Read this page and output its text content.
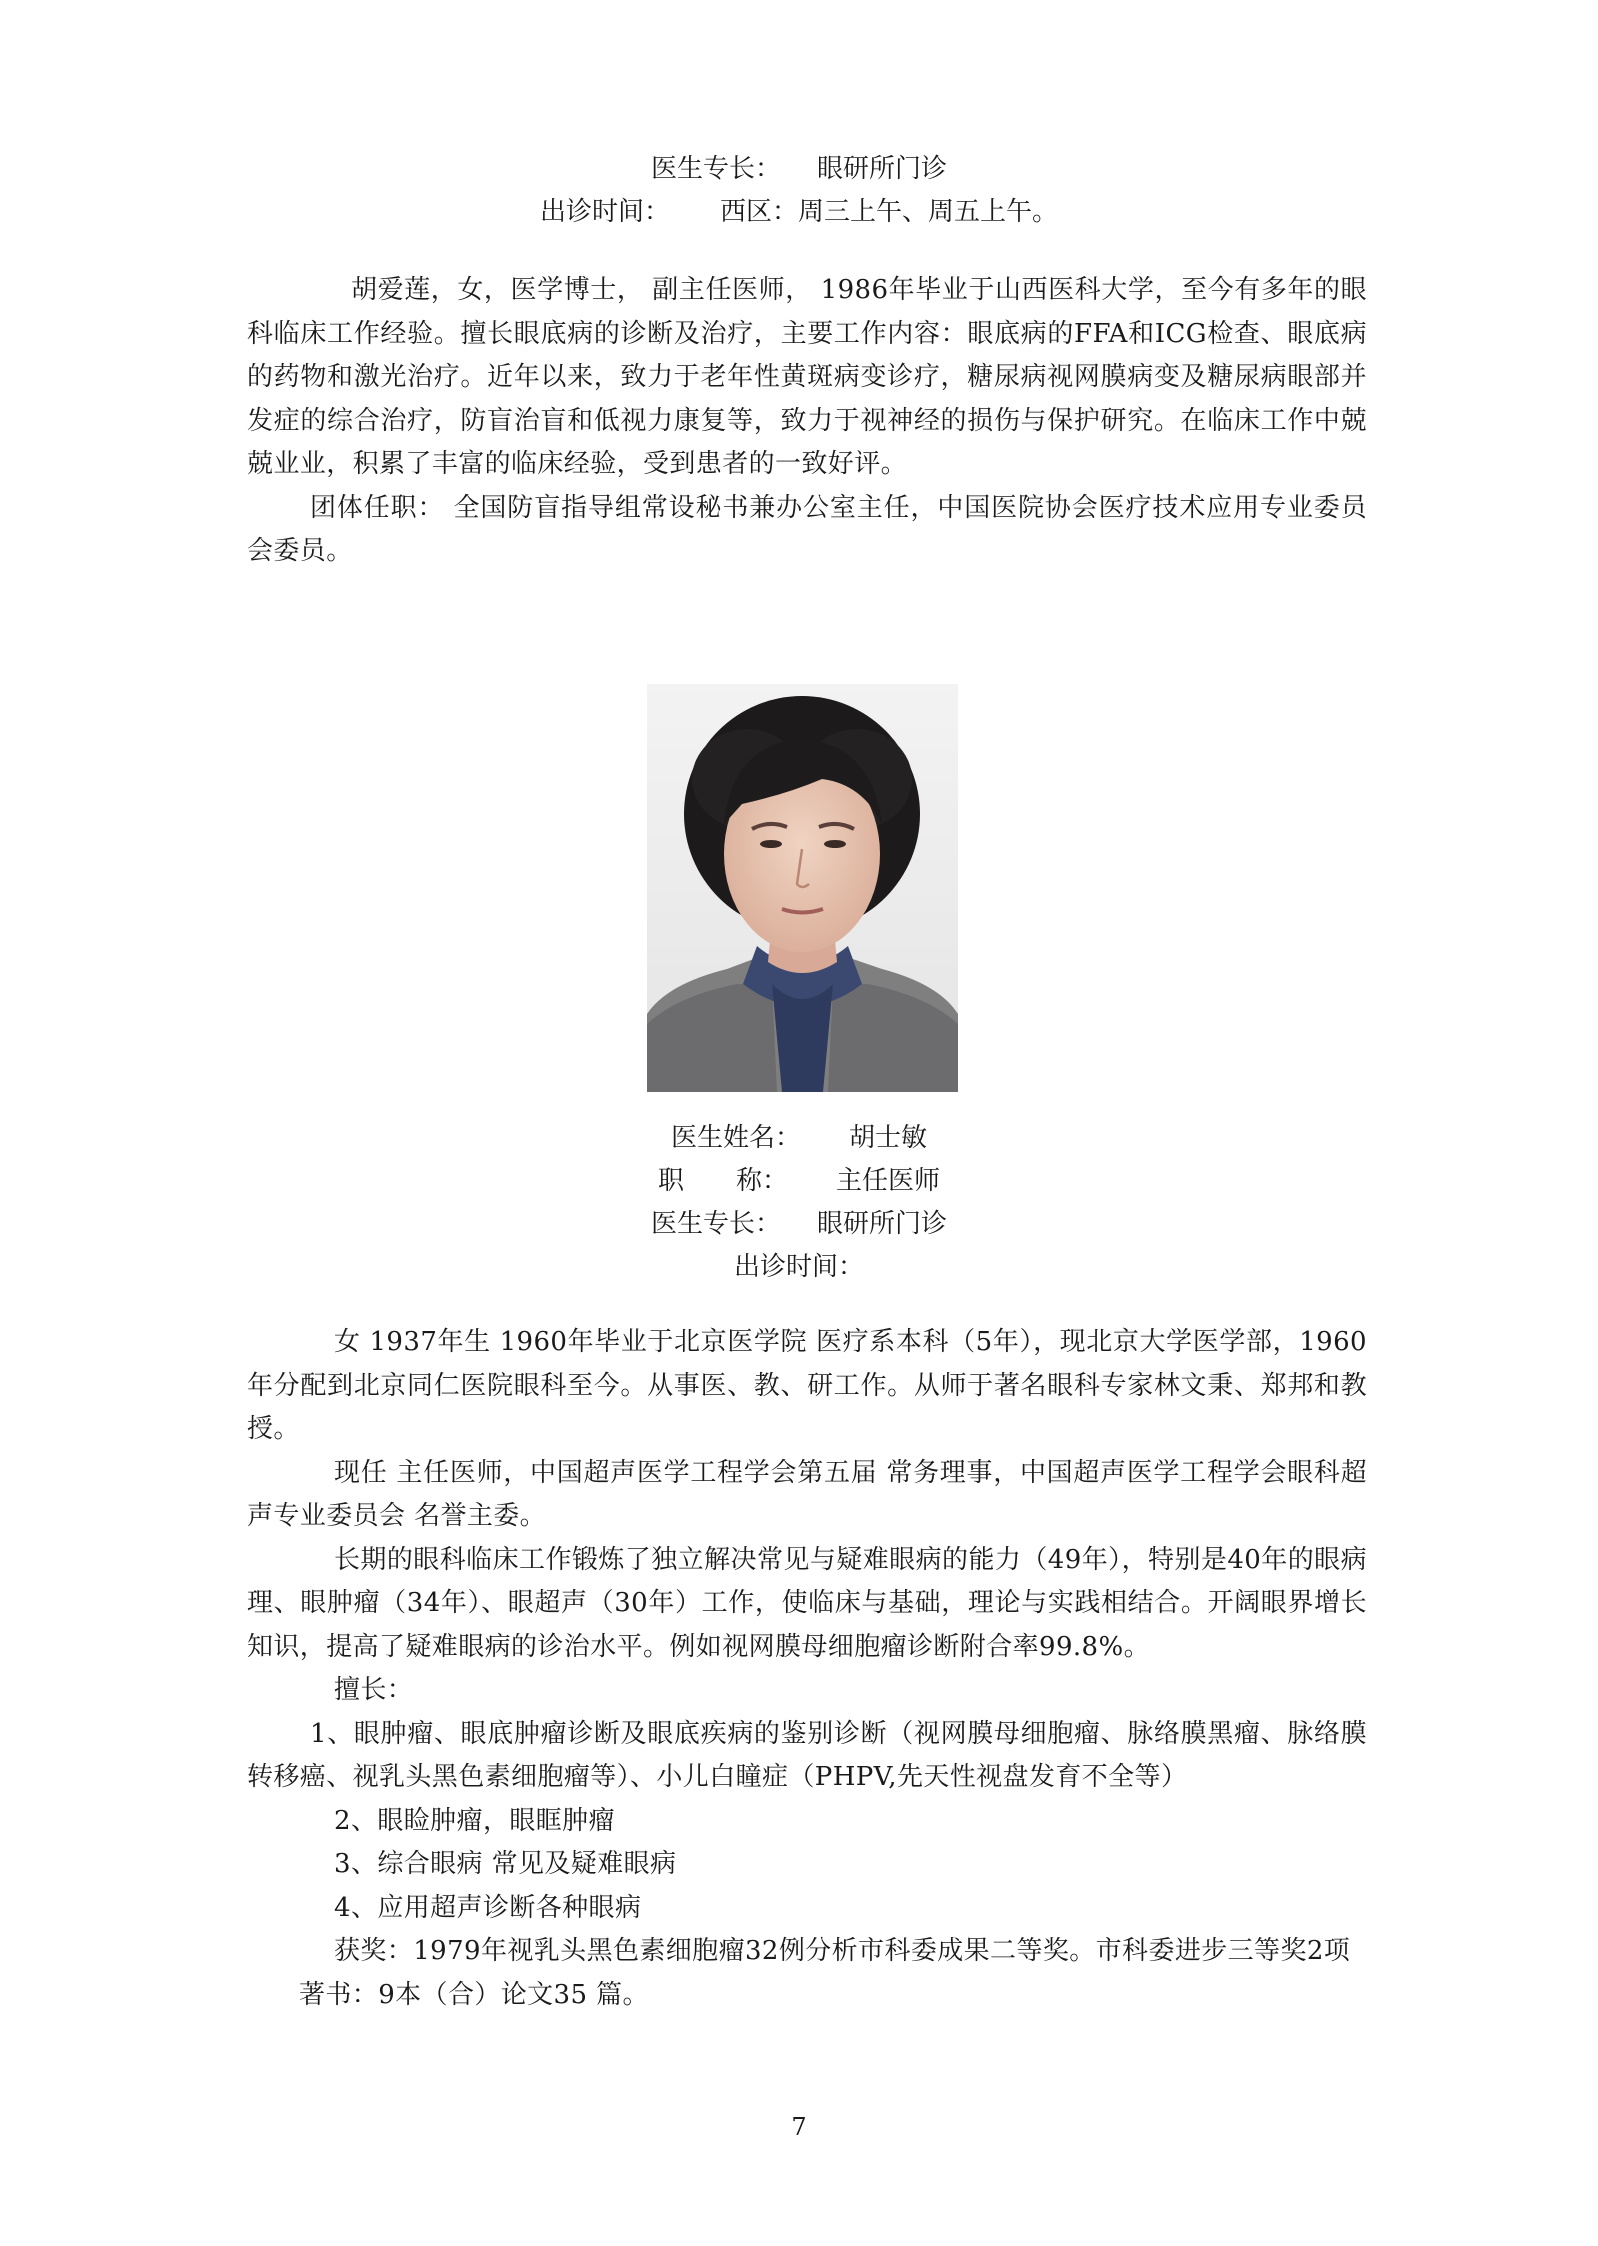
医生专长： 眼研所门诊
出诊时间： 西区：周三上午、周五上午。

胡爱莲，女，医学博士， 副主任医师， 1986年毕业于山西医科大学，至今有多年的眼科临床工作经验。擅长眼底病的诊断及治疗，主要工作内容：眼底病的FFA和ICG检查、眼底病的药物和激光治疗。近年以来，致力于老年性黄斑病变诊疗，糖尿病视网膜病变及糖尿病眼部并发症的综合治疗，防盲治盲和低视力康复等，致力于视神经的损伤与保护研究。在临床工作中兢兢业业，积累了丰富的临床经验，受到患者的一致好评。

团体任职： 全国防盲指导组常设秘书兼办公室主任，中国医院协会医疗技术应用专业委员会委员。

医生姓名： 胡士敏
职　　称： 主任医师
医生专长： 眼研所门诊
出诊时间：

女 1937年生 1960年毕业于北京医学院 医疗系本科（5年），现北京大学医学部，1960年分配到北京同仁医院眼科至今。从事医、教、研工作。从师于著名眼科专家林文秉、郑邦和教授。

现任 主任医师，中国超声医学工程学会第五届 常务理事，中国超声医学工程学会眼科超声专业委员会 名誉主委。

长期的眼科临床工作锻炼了独立解决常见与疑难眼病的能力（49年），特别是40年的眼病理、眼肿瘤（34年）、眼超声（30年）工作，使临床与基础，理论与实践相结合。开阔眼界增长知识，提高了疑难眼病的诊治水平。例如视网膜母细胞瘤诊断附合率99.8%。

擅长：

1、眼肿瘤、眼底肿瘤诊断及眼底疾病的鉴别诊断（视网膜母细胞瘤、脉络膜黑瘤、脉络膜转移癌、视乳头黑色素细胞瘤等）、小儿白瞳症（PHPV,先天性视盘发育不全等）

2、眼睑肿瘤，眼眶肿瘤

3、综合眼病 常见及疑难眼病

4、应用超声诊断各种眼病

获奖：1979年视乳头黑色素细胞瘤32例分析市科委成果二等奖。市科委进步三等奖2项

著书：9本（合）论文35 篇。

7
